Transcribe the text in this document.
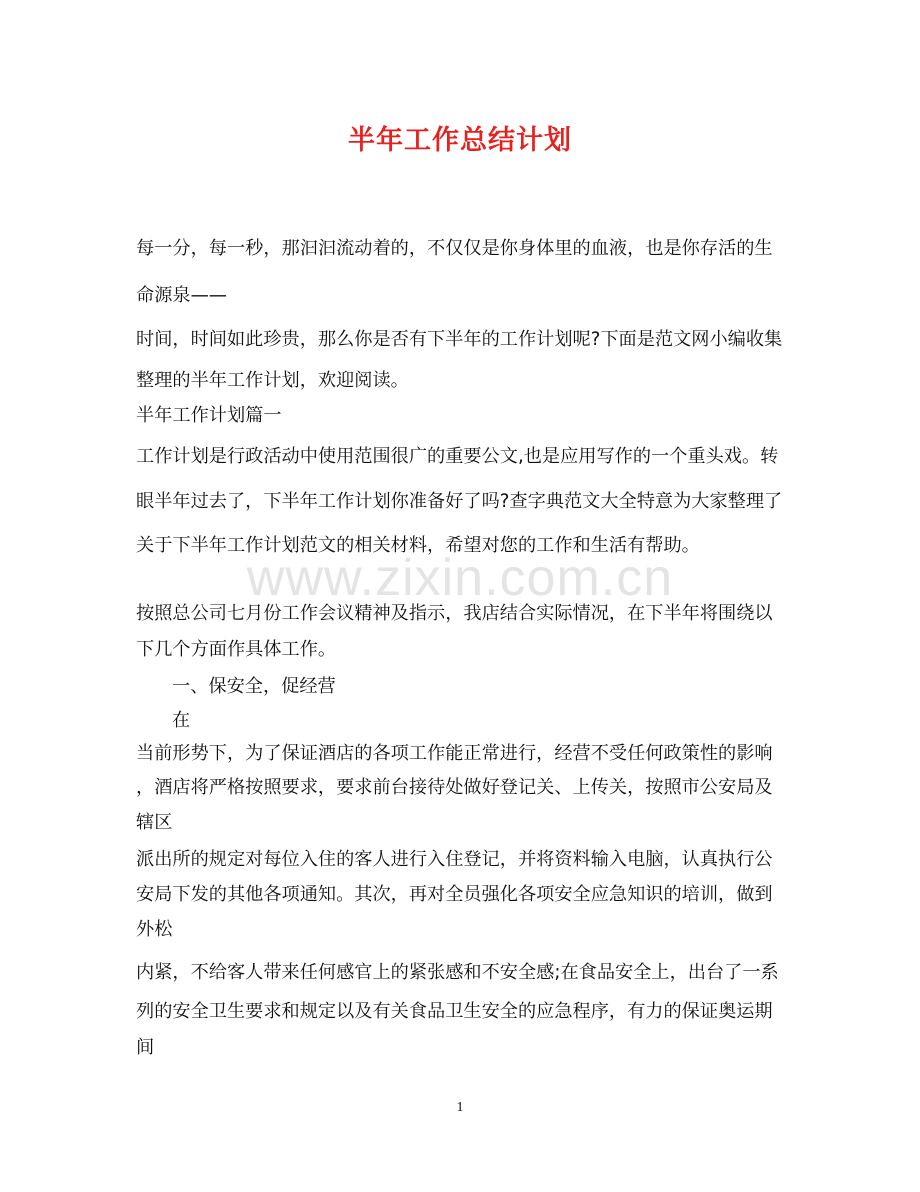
半年工作总结计划
每一分，每一秒，那汩汩流动着的，不仅仅是你身体里的血液，也是你存活的生
命源泉——
时间，时间如此珍贵，那么你是否有下半年的工作计划呢?下面是范文网小编收集
整理的半年工作计划，欢迎阅读。
半年工作计划篇一
工作计划是行政活动中使用范围很广的重要公文,也是应用写作的一个重头戏。转
眼半年过去了，下半年工作计划你准备好了吗?查字典范文大全特意为大家整理了
关于下半年工作计划范文的相关材料，希望对您的工作和生活有帮助。
按照总公司七月份工作会议精神及指示，我店结合实际情况，在下半年将围绕以
下几个方面作具体工作。
一、保安全，促经营
在
当前形势下，为了保证酒店的各项工作能正常进行，经营不受任何政策性的影响
，酒店将严格按照要求，要求前台接待处做好登记关、上传关，按照市公安局及
辖区
派出所的规定对每位入住的客人进行入住登记，并将资料输入电脑，认真执行公
安局下发的其他各项通知。其次，再对全员强化各项安全应急知识的培训，做到
外松
内紧，不给客人带来任何感官上的紧张感和不安全感;在食品安全上，出台了一系
列的安全卫生要求和规定以及有关食品卫生安全的应急程序，有力的保证奥运期
间
www.zixin.com.cn
1
